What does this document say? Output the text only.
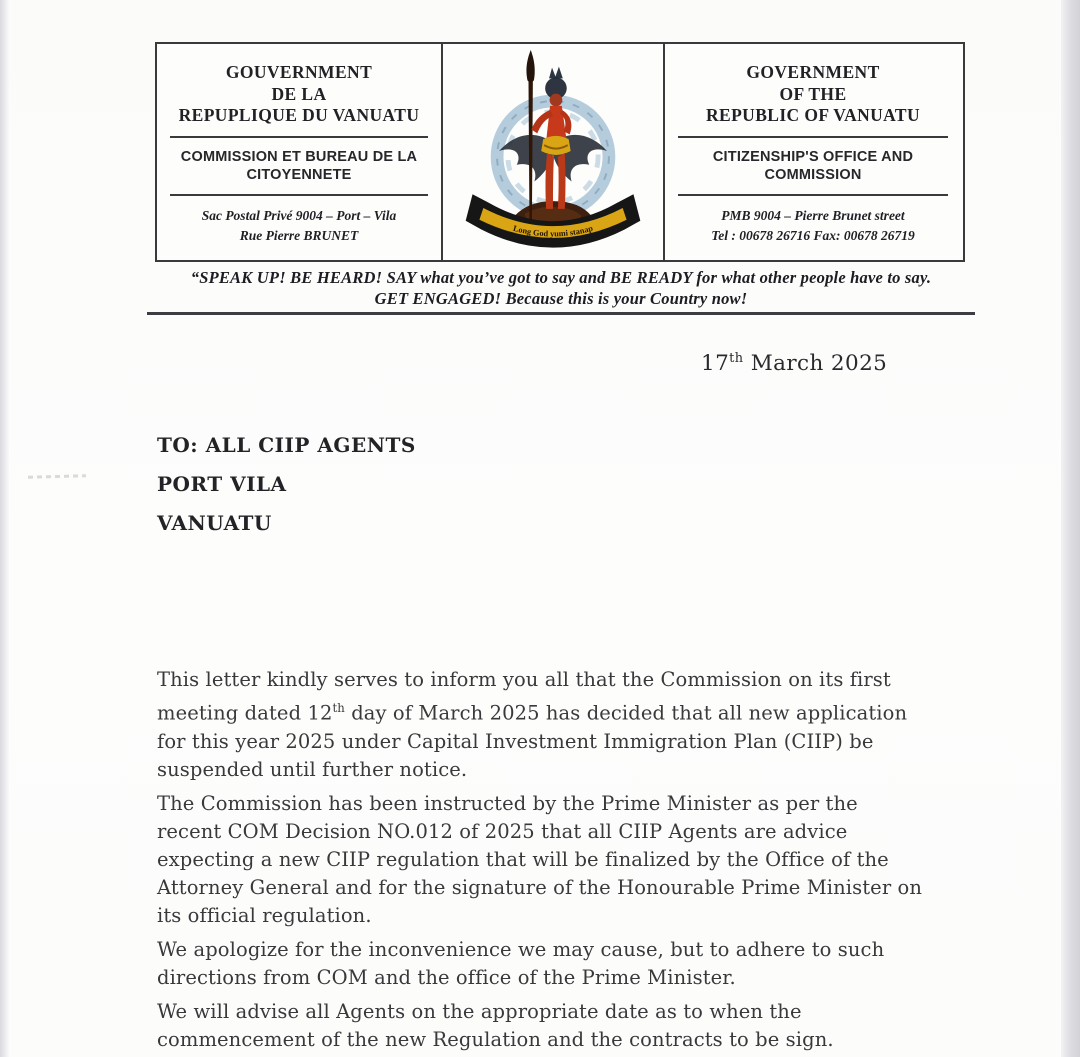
GOUVERNMENT
DE LA
REPUPLIQUE DU VANUATU
COMMISSION ET BUREAU DE LA
CITOYENNETE
Sac Postal Privé 9004 – Port – Vila
Rue Pierre BRUNET	Long God yumi stanap
GOVERNMENT
OF THE
REPUBLIC OF VANUATU
CITIZENSHIP'S OFFICE AND
COMMISSION
PMB 9004 – Pierre Brunet street
Tel : 00678 26716 Fax: 00678 26719
“SPEAK UP! BE HEARD! SAY what you’ve got to say and BE READY for what other people have to say.
GET ENGAGED! Because this is your Country now!
17th March 2025
TO: ALL CIIP AGENTS
PORT VILA
VANUATU
This letter kindly serves to inform you all that the Commission on its first
meeting dated 12th day of March 2025 has decided that all new application
for this year 2025 under Capital Investment Immigration Plan (CIIP) be
suspended until further notice.
The Commission has been instructed by the Prime Minister as per the
recent COM Decision NO.012 of 2025 that all CIIP Agents are advice
expecting a new CIIP regulation that will be finalized by the Office of the
Attorney General and for the signature of the Honourable Prime Minister on
its official regulation.
We apologize for the inconvenience we may cause, but to adhere to such
directions from COM and the office of the Prime Minister.
We will advise all Agents on the appropriate date as to when the
commencement of the new Regulation and the contracts to be sign.
